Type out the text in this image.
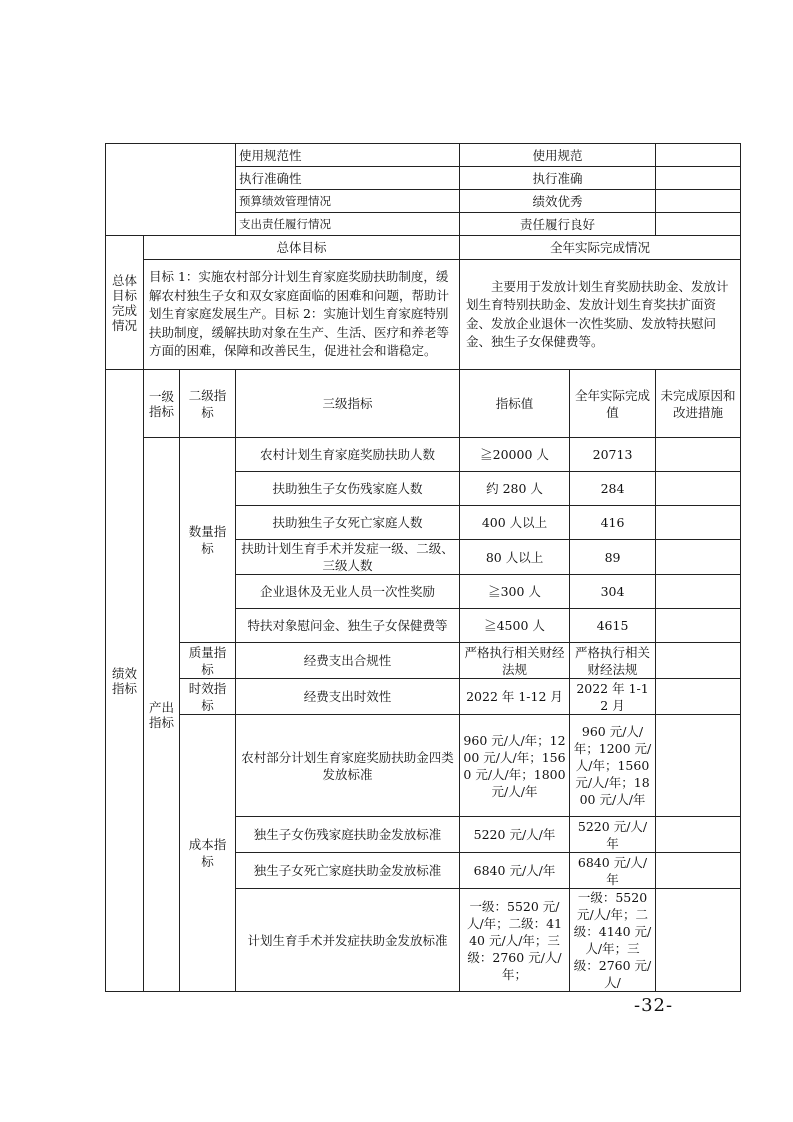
			使用规范性	使用规范		
			执行准确性	执行准确		
			预算绩效管理情况	绩效优秀		
			支出责任履行情况	责任履行良好		
总体目标完成情况	总体目标			全年实际完成情况		
	目标 1：实施农村部分计划生育家庭奖励扶助制度，缓解农村独生子女和双女家庭面临的困难和问题，帮助计划生育家庭发展生产。目标 2：实施计划生育家庭特别扶助制度，缓解扶助对象在生产、生活、医疗和养老等方面的困难，保障和改善民生，促进社会和谐稳定。			主要用于发放计划生育奖励扶助金、发放计划生育特别扶助金、发放计划生育奖扶扩面资金、发放企业退休一次性奖励、发放特扶慰问金、独生子女保健费等。		
绩效指标	一级指标	二级指标	三级指标	指标值	全年实际完成值	未完成原因和改进措施
	产出指标	数量指标	农村计划生育家庭奖励扶助人数	≧20000 人	20713	
			扶助独生子女伤残家庭人数	约 280 人	284	
			扶助独生子女死亡家庭人数	400 人以上	416	
			扶助计划生育手术并发症一级、二级、三级人数	80 人以上	89	
			企业退休及无业人员一次性奖励	≧300 人	304	
			特扶对象慰问金、独生子女保健费等	≧4500 人	4615	
		质量指标	经费支出合规性	严格执行相关财经法规	严格执行相关财经法规	
		时效指标	经费支出时效性	2022 年 1-12 月	2022 年 1-12 月	
		成本指标	农村部分计划生育家庭奖励扶助金四类发放标准	960 元/人/年；1200 元/人/年；1560 元/人/年；1800 元/人/年	960 元/人/年；1200 元/人/年；1560 元/人/年；1800 元/人/年	
			独生子女伤残家庭扶助金发放标准	5220 元/人/年	5220 元/人/年	
			独生子女死亡家庭扶助金发放标准	6840 元/人/年	6840 元/人/年	
			计划生育手术并发症扶助金发放标准	一级：5520 元/人/年；二级：4140 元/人/年；三级：2760 元/人/年；	一级：5520 元/人/年；二级：4140 元/人/年；三级：2760 元/人/	
-32-
